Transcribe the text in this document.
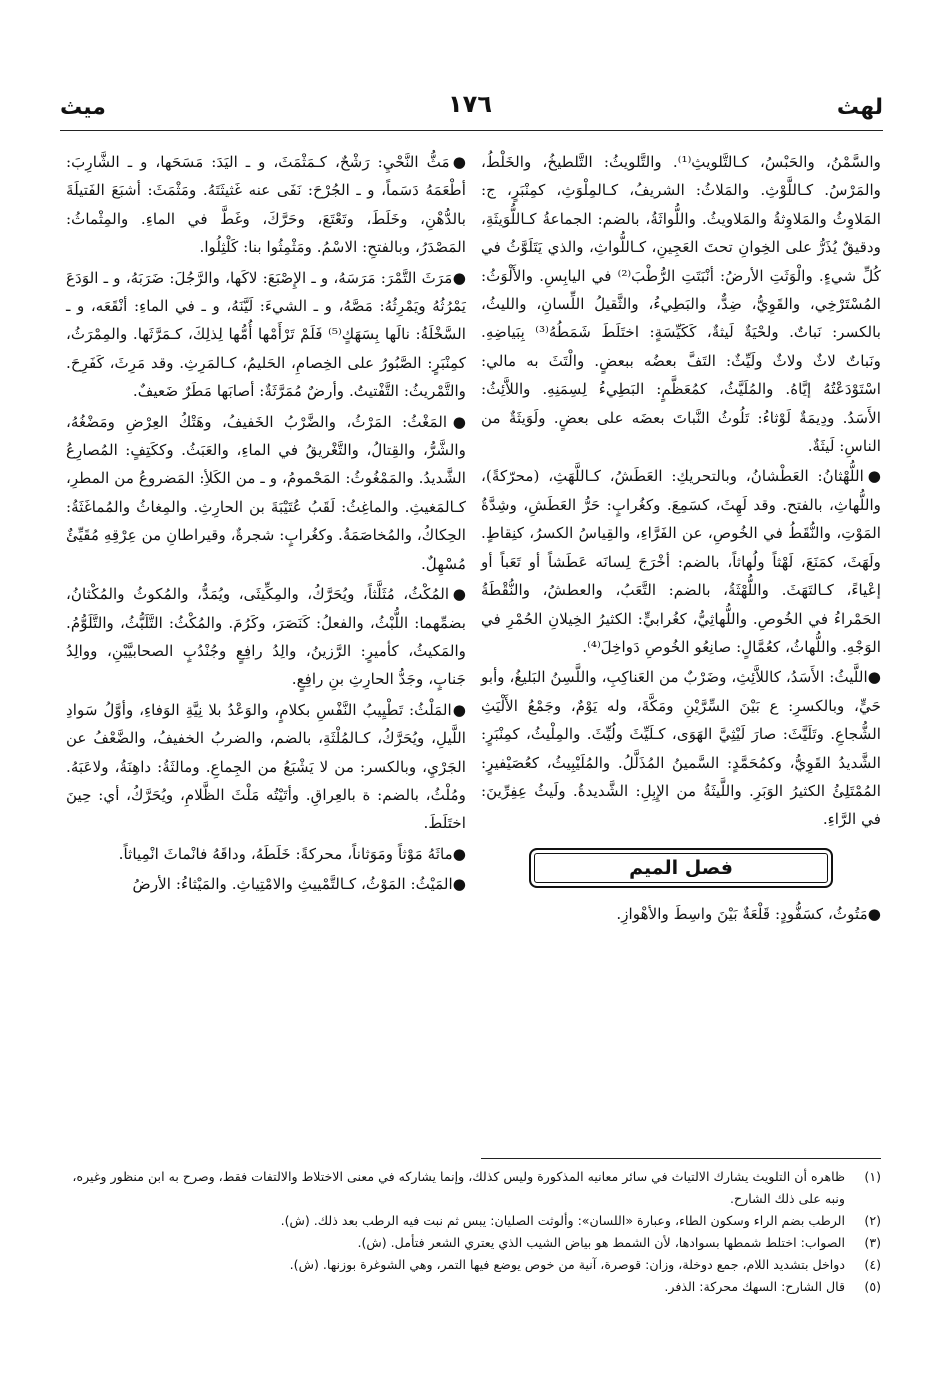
لهث
١٧٦
ميث

والسَّمْنُ، والحَبْسُ، كـالتَّلويثِ⁽¹⁾. والتَّلويثُ: التَّلطيخُ، والخَلْطُ، والمَرْسُ. كـاللَّوْثِ. والمَلاثُ: الشريفُ، كـالمِلْوَثِ، كمِنْبَرٍ، ج: المَلاوِثُ والمَلاوِثةُ والمَلاويثُ. واللُّواثَةُ، بالضم: الجماعةُ كـاللُّوَيثَةِ، ودقيقٌ يُذَرُّ على الخِوانِ تحتَ العَجِينِ، كـاللُّواثِ، والذي يَتَلَوَّثُ في كُلِّ شيءٍ. والْوَثَتِ الأرضُ: أنْبَتَتِ الرُّطْبَ⁽²⁾ في اليابِسِ. والأَلْوَثُ: المُسْتَرْخِي، والقَوِيُّ، ضِدٌّ، والبَطِيءُ، والثَّقيلُ اللِّسانِ، والليثُ، بالكسر: نَباتٌ. ولحْيَةٌ لَيثةٌ، كَكَيِّسَةٍ: اختَلَطَ شَمَطُهُ⁽³⁾ بِبَياضِهِ. ونَباتٌ لاثٌ ولاثٌ ولَيِّثٌ: التَفَّ بعضُه ببعضٍ. والْتَثَ به مالي: اسْتَوْدَعْتُهُ إيَّاهُ. والمُلَيَّثُ، كمُعَظَّمٍ: البَطِيءُ لِسِمَنِهِ. واللاَّئِثُ: الأَسَدُ. ودِيمَةٌ لَوْثاءُ: تَلُوثُ النَّباتَ بعضَه على بعضٍ. ولَوَيثَةٌ من الناسِ: لَيثَةٌ.

●اللُّهْثانُ: العَطْشانُ، وبالتحريكِ: العَطَشُ، كـاللَّهَثِ، (محرّكةً)، واللُّهاثِ، بالفتح. وقد لَهِثَ، كسَمِعَ. وكغُرابٍ: حَرُّ العَطَشِ، وشِدَّةُ المَوْتِ، والنُّقَطُ في الخُوصِ، عن الفَرَّاءِ، والقِياسُ الكسرُ، كنِقاطٍ. ولَهَثَ، كمَنَعَ، لَهْثاً ولُهاثاً، بالضم: أخْرَجَ لِسانَه عَطَشاً أو تَعَباً أو إعْياءً، كـالتَهَثَ. واللُّهْثَةُ، بالضم: التَّعَبُ، والعطشُ، والنُّقْطَةُ الحَمْراءُ في الخُوصِ. واللُّهاثِيُّ، كغُرابيٍّ: الكثيرُ الخِيلانِ الحُمْرِ في الوَجْهِ. واللُّهاثُ، كعُمَّالٍ: صانِعُو الخُوصِ دَواخِلَ⁽⁴⁾.

●اللَّيثُ: الأَسَدُ، كاللاَّئِثِ، وضَرْبٌ من العَناكِبِ، واللَّسِنُ البَليغُ، وأبو حَيٍّ، وبالكسرِ: ع بَيْنَ السِّرَّيْنِ ومَكَّةَ، وله يَوْمٌ، وجَمْعُ الأَلْيَثِ الشُّجاعِ. وتَلَيَّثَ: صارَ لَيْثِيَّ الهَوَى، كـلَيِّثَ ولُيِّثَ. والمِلْيثُ، كمِنْبَرٍ: الشَّديدُ القَوِيُّ، وكمُحَمَّدٍ: السَّمينُ المُذَلَّلُ. والمُلَيْبِيثُ، كعُصَيْفيرٍ: المُمْتَلِئُ الكثيرُ الوَبَرِ. واللَّيثَةُ من الإِبِلِ: الشَّديدةُ. ولَيثُ عِفِرِّينَ: في الرَّاءِ.

فصل الميم

●مَتُوثُ، كسَفُّودٍ: قَلْعَةٌ بَيْنَ واسِطَ والأهْوازِ.

●مَثُّ النَّحْيِ: رَشْحٌ، كـمَثْمَثَ، و ـ اليَدَ: مَسَحَها، و ـ الشَّارِبَ: أطْعَمَهُ دَسَماً، و ـ الجُرْحَ: نَفَى عنه غَثيثَتَهُ. ومَثْمَثَ: أشبَعَ الفَتيلَةَ بالدُّهْنِ، وخَلَطَ، وتَعْتَعَ، وحَرَّكَ، وغَطَّ في الماءِ. والمِثْماثُ: المَصْدَرُ، وبالفتحِ: الاسْمُ. ومَثْمِثُوا بنا: كَلْثِلُوا.

●مَرَثَ التَّمْرَ: مَرَسَهُ، و ـ الإِصْبَعَ: لاكَها، والرَّجُلَ: ضَرَبَهُ، و ـ الوَدَعَ يَمْرُثُهُ ويَمْرِثُهُ: مَصَّهُ، و ـ الشيءَ: لَيَّنَهُ، و ـ في الماءِ: أنْقَعَه، و ـ السَّخْلَةُ: نالَها بِسَهَكٍ⁽⁵⁾ فَلَمْ تَرْأَمْها أُمُّها لِذلِكَ، كـمَرَّثَها. والمِمْرَثُ، كمِنْبَرٍ: الصَّبُورُ على الخِصامِ، الحَليمُ، كـالمَرِثِ. وقد مَرِثَ، كَفَرِحَ. والتَّمْريثُ: التَّفْتيتُ. وأرضٌ مُمَرَّثَةٌ: أصابَها مَطَرٌ ضَعيفٌ.

●المَغْثُ: المَرْثُ، والضَّرْبُ الخَفيفُ، وهَتْكُ العِرْضِ ومَضْغُهُ، والشَّرُّ، والقِتالُ، والتَّغْريقُ في الماءِ، والعَبَثُ. وككَتِفٍ: المُصارِعُ الشَّديدُ. والمَمْغُوثُ: المَحْمومُ، و ـ من الكَلأِ: المَضروعُ من المطرِ، كـالمَغيثِ. والماغِثُ: لَقَبُ عُتَيْبَةَ بن الحارِثِ. والمِغاثُ والمُماغَثَةُ: الحِكاكُ، والمُخاصَمَةُ. وكغُرابٍ: شجرةٌ، وقيراطانِ من عِرْقِهِ مُقَيِّئٌ مُسْهِلٌ.

●المُكْثُ، مُثَلَّثاً، ويُحَرَّكُ، والمِكِّيثَى، ويُمَدُّ، والمُكوثُ والمُكْثانُ، بضمِّهما: اللُّبْثُ، والفعلُ: كَنَصَرَ، وكَرُمَ. والمُكْثُ: التَّلَبُّثُ، والتَّلَوُّمُ. والمَكيثُ، كأميرٍ: الرَّزينُ، والِدُ رافِعٍ وجُنْدُبٍ الصحابيَّيْنِ، ووالِدُ جَنابٍ، وجَدُّ الحارِثِ بنِ رافِعٍ.

●المَلْثُ: تَطْيِيبُ النَّفْسِ بكلامٍ، والوَعْدُ بلا نِيَّةِ الوَفاءِ، وأوَّلُ سَوادِ اللَّيلِ، ويُحَرَّكُ، كـالمُلْثَةِ، بالضم، والضربُ الخفيفُ، والضَّعْفُ عن الجَرْيِ، وبالكسر: من لا يَشْبَعُ من الجِماعِ. ومالثَةُ: داهِنَةُ، ولاعَبَهُ. ومُلْثُ، بالضم: ة بالعِراقِ. وأتَيْتُه مَلْثَ الظَّلامِ، ويُحَرَّكُ، أي: حِينَ اختَلَطَ.

●ماثَهُ مَوْثاً ومَوَثاناً، محركةً: خَلَطَهُ، وداقَهُ فانْماثَ انْمِياثاً.

●المَيْثُ: المَوْثُ، كـالتَّمْييثِ والامْتِياثِ. والمَيْثاءُ: الأرضُ

(١)
ظاهره أن التلويث يشارك الالتياث في سائر معانيه المذكورة وليس كذلك، وإنما يشاركه في معنى الاختلاط والالتفات فقط، وصرح به ابن منظور وغيره، ونبه على ذلك الشارح.
(٢)
الرطب بضم الراء وسكون الطاء، وعبارة «اللسان»: وألوثت الصليان: يبس ثم نبت فيه الرطب بعد ذلك. (ش).
(٣)
الصواب: اختلط شمطها بسوادها، لأن الشمط هو بياض الشيب الذي يعتري الشعر فتأمل. (ش).
(٤)
دواخل بتشديد اللام، جمع دوخلة، وزان: قوصرة، آنية من خوص يوضع فيها التمر، وهي الشوغرة بوزنها. (ش).
(٥)
قال الشارح: السهك محركة: الذفر.
